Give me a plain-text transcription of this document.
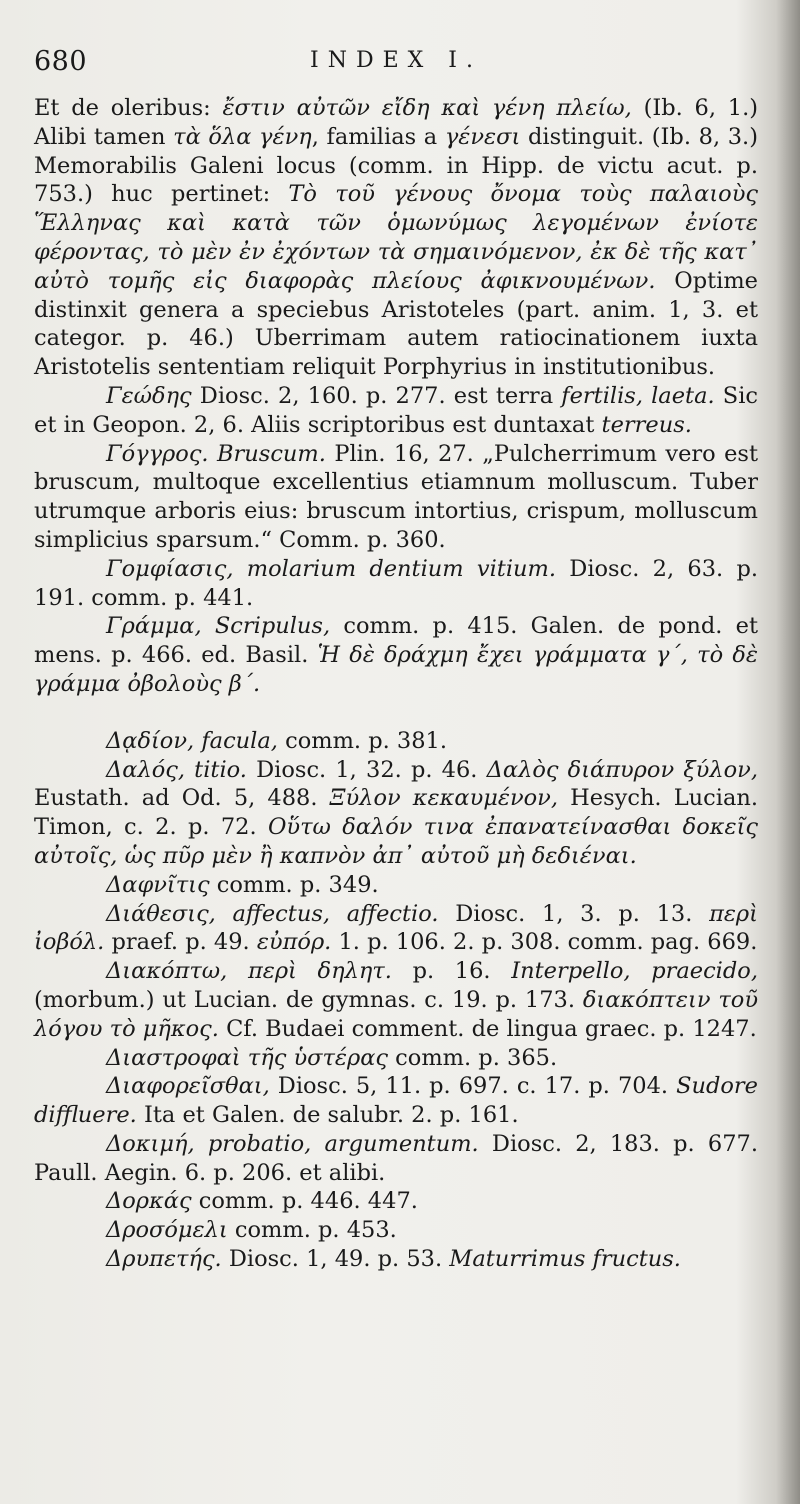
680	INDEX I.

Et de oleribus: ἔστιν αὐτῶν εἴδη καὶ γένη πλείω, (Ib. 6, 1.) Alibi tamen τὰ ὅλα γένη, familias a γένεσι distinguit. (Ib. 8, 3.) Memorabilis Galeni locus (comm. in Hipp. de victu acut. p. 753.) huc pertinet: Τὸ τοῦ γένους ὄνομα τοὺς παλαιοὺς Ἕλληνας καὶ κατὰ τῶν ὁμωνύμως λεγομένων ἐνίοτε φέροντας, τὸ μὲν ἐν ἐχόντων τὰ σημαινόμενον, ἐκ δὲ τῆς κατ᾽ αὐτὸ τομῆς εἰς διαφορὰς πλείους ἀφικνουμένων. Optime distinxit genera a speciebus Aristoteles (part. anim. 1, 3. et categor. p. 46.) Uberrimam autem ratiocinationem iuxta Aristotelis sententiam reliquit Porphyrius in institutionibus.

Γεώδης Diosc. 2, 160. p. 277. est terra fertilis, laeta. Sic et in Geopon. 2, 6. Aliis scriptoribus est duntaxat terreus.

Γόγγρος. Bruscum. Plin. 16, 27. „Pulcherrimum vero est bruscum, multoque excellentius etiamnum molluscum. Tuber utrumque arboris eius: bruscum intortius, crispum, molluscum simplicius sparsum.“ Comm. p. 360.

Γομφίασις, molarium dentium vitium. Diosc. 2, 63. p. 191. comm. p. 441.

Γράμμα, Scripulus, comm. p. 415. Galen. de pond. et mens. p. 466. ed. Basil. Ἡ δὲ δράχμη ἔχει γράμματα γ΄, τὸ δὲ γράμμα ὀβολοὺς β΄.

Δᾳδίον, facula, comm. p. 381.

Δαλός, titio. Diosc. 1, 32. p. 46. Δαλὸς διάπυρον ξύλον, Eustath. ad Od. 5, 488. Ξύλον κεκαυμένον, Hesych. Lucian. Timon, c. 2. p. 72. Οὕτω δαλόν τινα ἐπανατείνασθαι δοκεῖς αὐτοῖς, ὡς πῦρ μὲν ἢ καπνὸν ἀπ᾽ αὐτοῦ μὴ δεδιέναι.

Δαφνῖτις comm. p. 349.

Διάθεσις, affectus, affectio. Diosc. 1, 3. p. 13. περὶ ἰοβόλ. praef. p. 49. εὐπόρ. 1. p. 106. 2. p. 308. comm. pag. 669.

Διακόπτω, περὶ δηλητ. p. 16. Interpello, praecido, (morbum.) ut Lucian. de gymnas. c. 19. p. 173. διακόπτειν τοῦ λόγου τὸ μῆκος. Cf. Budaei comment. de lingua graec. p. 1247.

Διαστροφαὶ τῆς ὑστέρας comm. p. 365.

Διαφορεῖσθαι, Diosc. 5, 11. p. 697. c. 17. p. 704. Sudore diffluere. Ita et Galen. de salubr. 2. p. 161.

Δοκιμή, probatio, argumentum. Diosc. 2, 183. p. 677. Paull. Aegin. 6. p. 206. et alibi.

Δορκάς comm. p. 446. 447.

Δροσόμελι comm. p. 453.

Δρυπετής. Diosc. 1, 49. p. 53. Maturrimus fructus.
